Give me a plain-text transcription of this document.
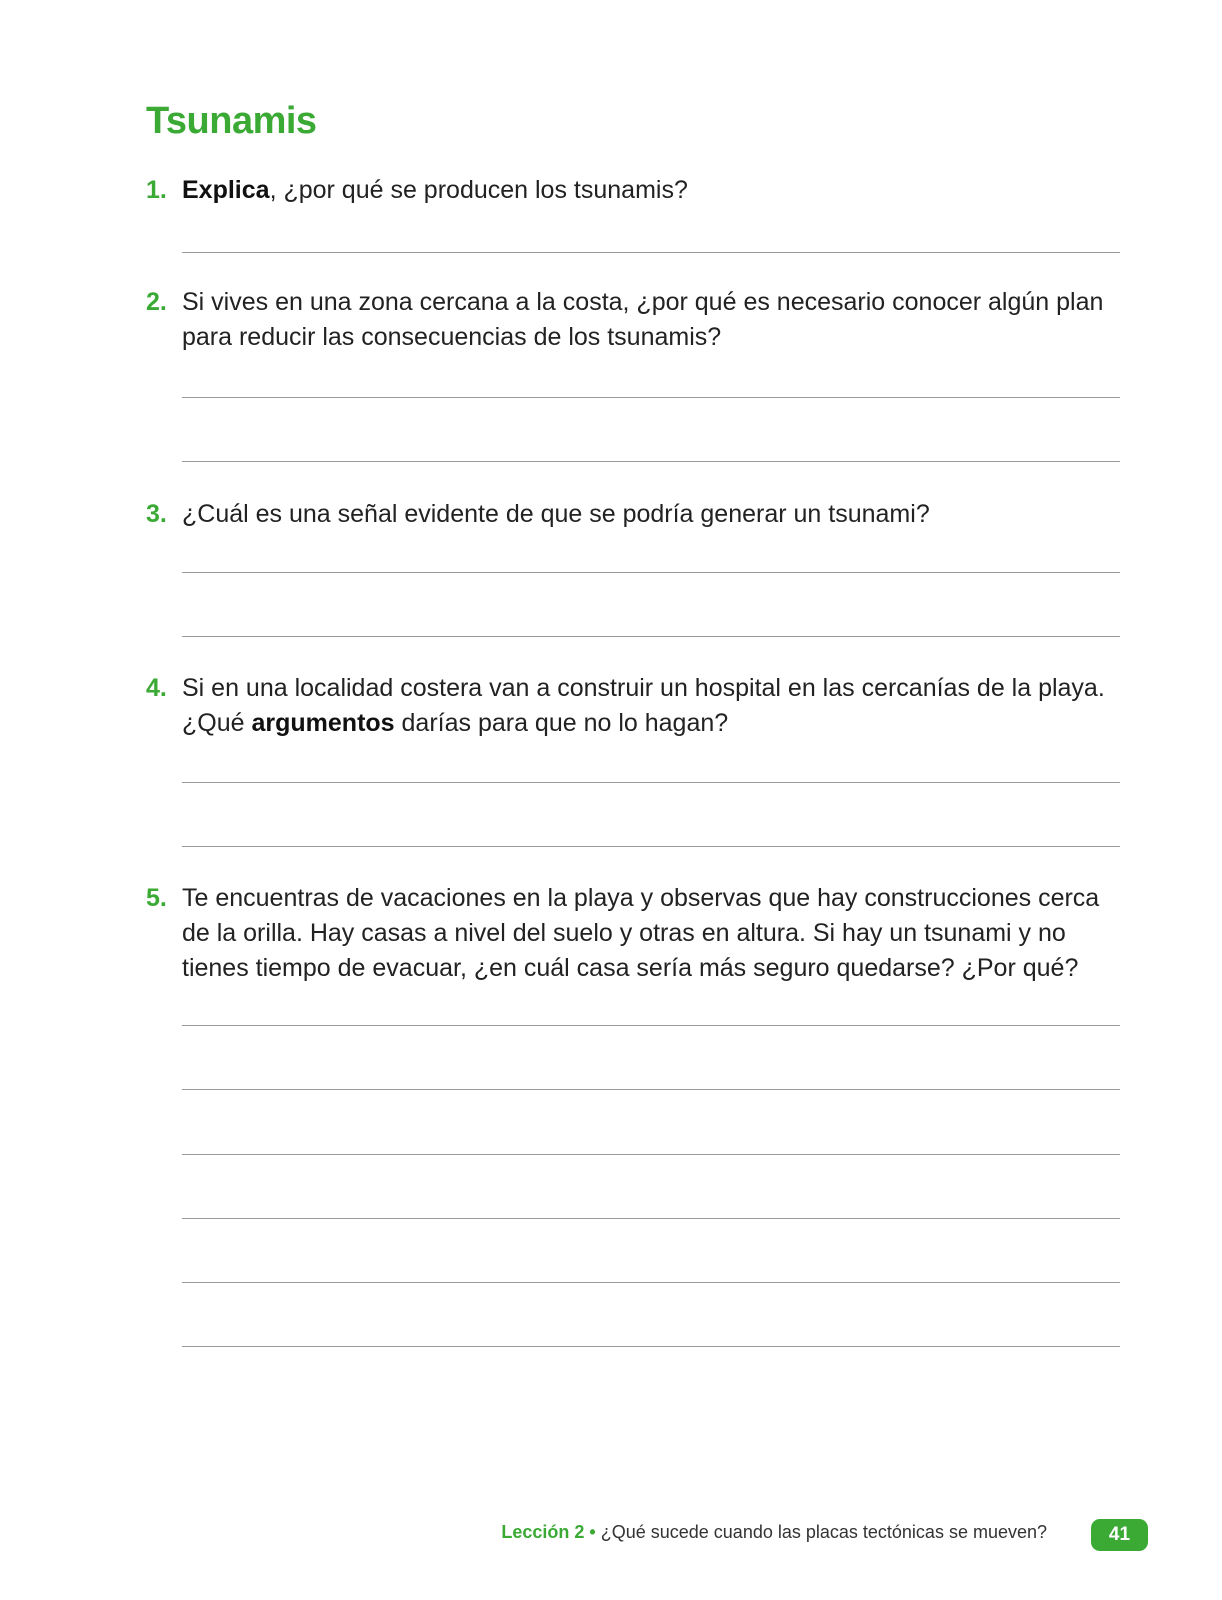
Tsunamis
1. Explica, ¿por qué se producen los tsunamis?
2. Si vives en una zona cercana a la costa, ¿por qué es necesario conocer algún plan
para reducir las consecuencias de los tsunamis?
3. ¿Cuál es una señal evidente de que se podría generar un tsunami?
4. Si en una localidad costera van a construir un hospital en las cercanías de la playa.
¿Qué argumentos darías para que no lo hagan?
5. Te encuentras de vacaciones en la playa y observas que hay construcciones cerca
de la orilla. Hay casas a nivel del suelo y otras en altura. Si hay un tsunami y no
tienes tiempo de evacuar, ¿en cuál casa sería más seguro quedarse? ¿Por qué?
Lección 2 • ¿Qué sucede cuando las placas tectónicas se mueven?	41
